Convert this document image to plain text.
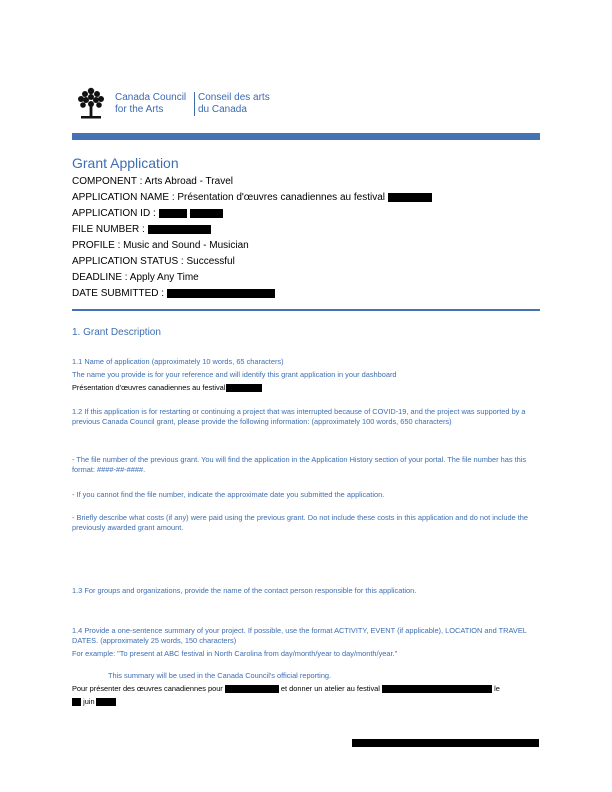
Canada Council
for the Arts
Conseil des arts
du Canada
Grant Application
COMPONENT : Arts Abroad - Travel
APPLICATION NAME : Présentation d'œuvres canadiennes au festival
APPLICATION ID :
FILE NUMBER :
PROFILE : Music and Sound - Musician
APPLICATION STATUS : Successful
DEADLINE : Apply Any Time
DATE SUBMITTED :
1. Grant Description
1.1 Name of application (approximately 10 words, 65 characters)
The name you provide is for your reference and will identify this grant application in your dashboard
Présentation d'œuvres canadiennes au festival
1.2 If this application is for restarting or continuing a project that was interrupted because of COVID-19, and the project was supported by a previous Canada Council grant, please provide the following information: (approximately 100 words, 650 characters)
- The file number of the previous grant. You will find the application in the Application History section of your portal. The file number has this format: ####-##-####.
- If you cannot find the file number, indicate the approximate date you submitted the application.
- Briefly describe what costs (if any) were paid using the previous grant. Do not include these costs in this application and do not include the previously awarded grant amount.
1.3 For groups and organizations, provide the name of the contact person responsible for this application.
1.4 Provide a one-sentence summary of your project. If possible, use the format ACTIVITY, EVENT (if applicable), LOCATION and TRAVEL DATES. (approximately 25 words, 150 characters)
For example: "To present at ABC festival in North Carolina from day/month/year to day/month/year."
This summary will be used in the Canada Council's official reporting.
Pour présenter des œuvres canadiennes pour	et donner un atelier au festival	le
juin
